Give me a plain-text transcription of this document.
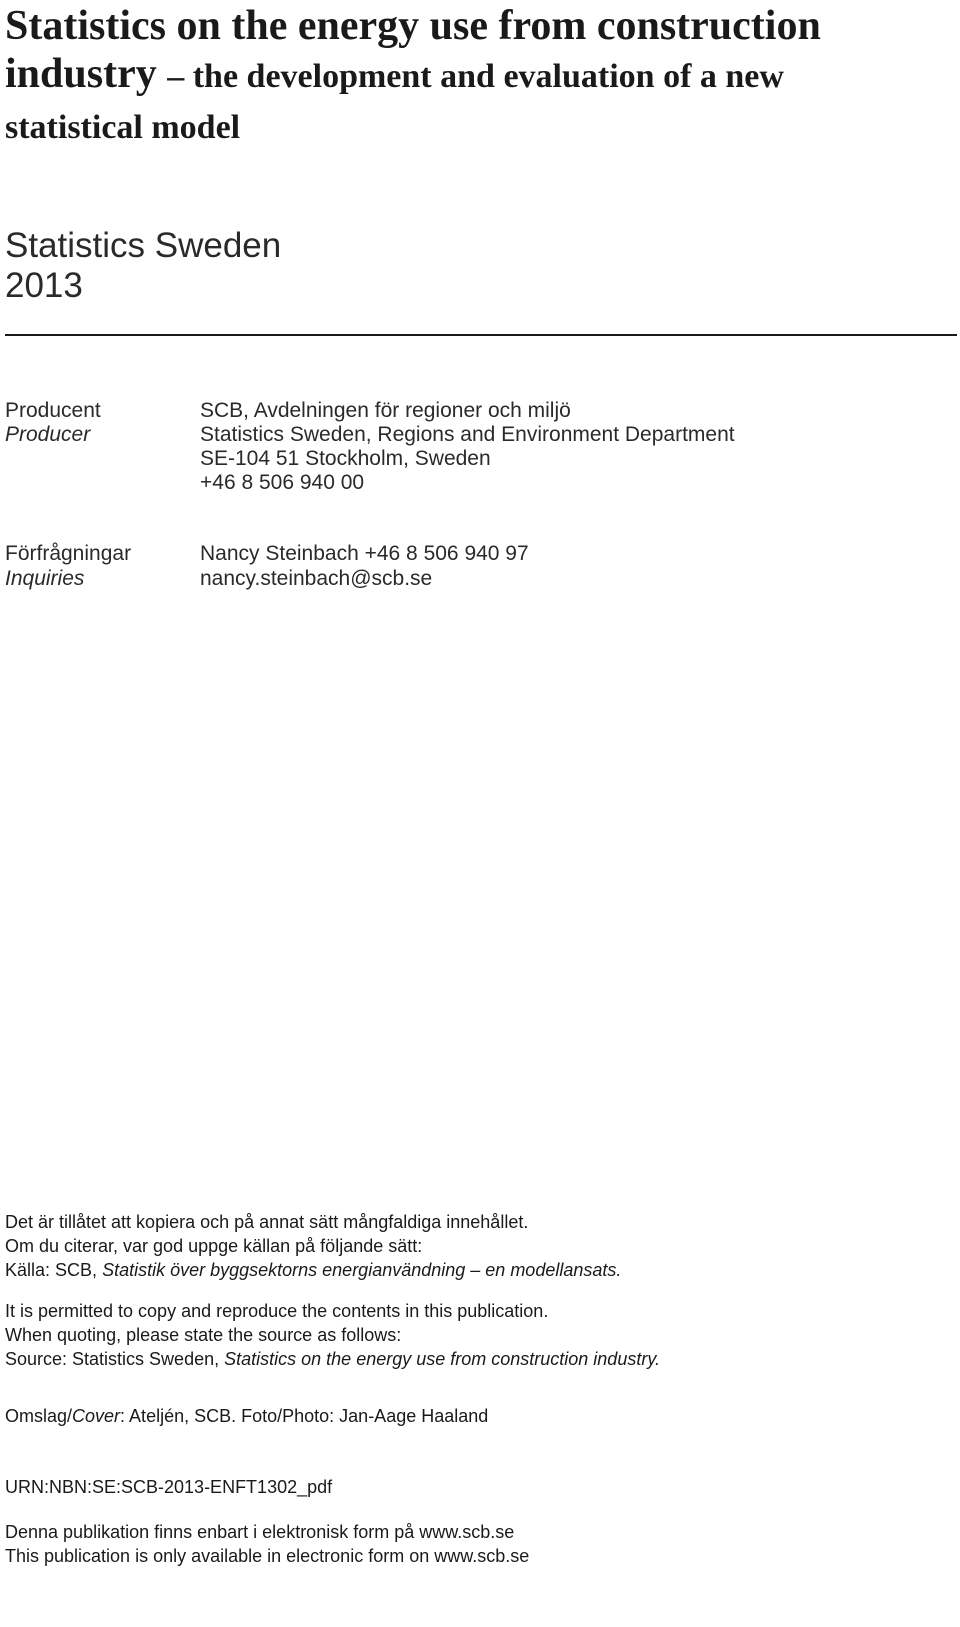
Statistics on the energy use from construction
industry – the development and evaluation of a new
statistical model
Statistics Sweden
2013
Producent	SCB, Avdelningen för regioner och miljö
Producer	Statistics Sweden, Regions and Environment Department
SE-104 51 Stockholm, Sweden
+46 8 506 940 00
Förfrågningar	Nancy Steinbach +46 8 506 940 97
Inquiries	nancy.steinbach@scb.se
Det är tillåtet att kopiera och på annat sätt mångfaldiga innehållet.
Om du citerar, var god uppge källan på följande sätt:
Källa: SCB, Statistik över byggsektorns energianvändning – en modellansats.
It is permitted to copy and reproduce the contents in this publication.
When quoting, please state the source as follows:
Source: Statistics Sweden, Statistics on the energy use from construction industry.
Omslag/Cover: Ateljén, SCB. Foto/Photo: Jan-Aage Haaland
URN:NBN:SE:SCB-2013-ENFT1302_pdf
Denna publikation finns enbart i elektronisk form på www.scb.se
This publication is only available in electronic form on www.scb.se
